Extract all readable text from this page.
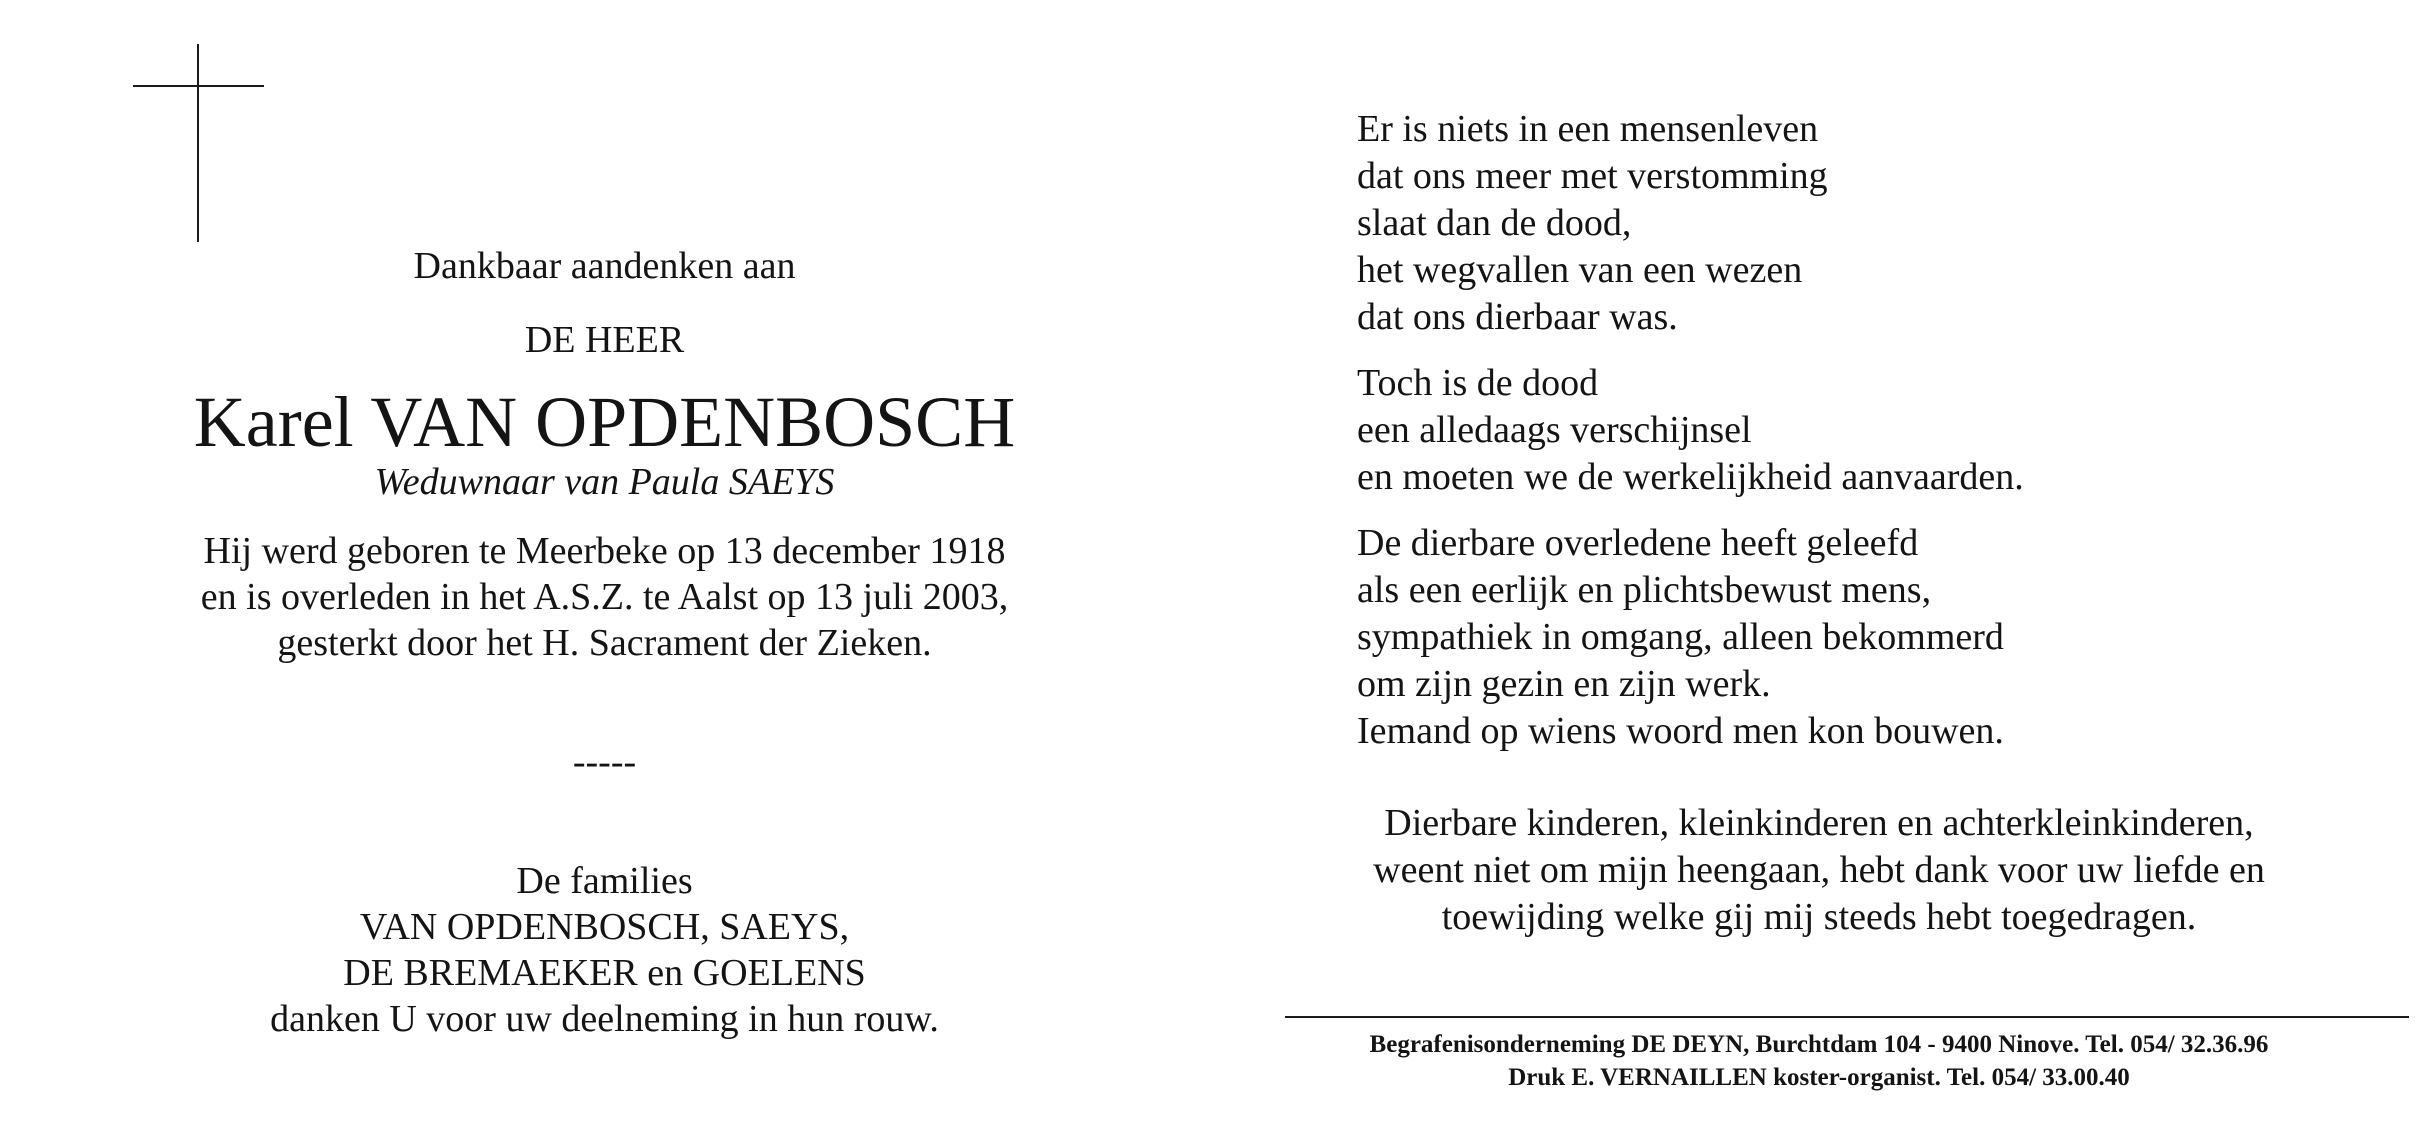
Dankbaar aandenken aan
DE HEER
Karel VAN OPDENBOSCH
Weduwnaar van Paula SAEYS
Hij werd geboren te Meerbeke op 13 december 1918
en is overleden in het A.S.Z. te Aalst op 13 juli 2003,
gesterkt door het H. Sacrament der Zieken.
-----
De families
VAN OPDENBOSCH, SAEYS,
DE BREMAEKER en GOELENS
danken U voor uw deelneming in hun rouw.
Er is niets in een mensenleven
dat ons meer met verstomming
slaat dan de dood,
het wegvallen van een wezen
dat ons dierbaar was.
Toch is de dood
een alledaags verschijnsel
en moeten we de werkelijkheid aanvaarden.
De dierbare overledene heeft geleefd
als een eerlijk en plichtsbewust mens,
sympathiek in omgang, alleen bekommerd
om zijn gezin en zijn werk.
Iemand op wiens woord men kon bouwen.
Dierbare kinderen, kleinkinderen en achterkleinkinderen,
weent niet om mijn heengaan, hebt dank voor uw liefde en
toewijding welke gij mij steeds hebt toegedragen.
Begrafenisonderneming DE DEYN, Burchtdam 104 - 9400 Ninove. Tel. 054/ 32.36.96
Druk E. VERNAILLEN koster-organist. Tel. 054/ 33.00.40
